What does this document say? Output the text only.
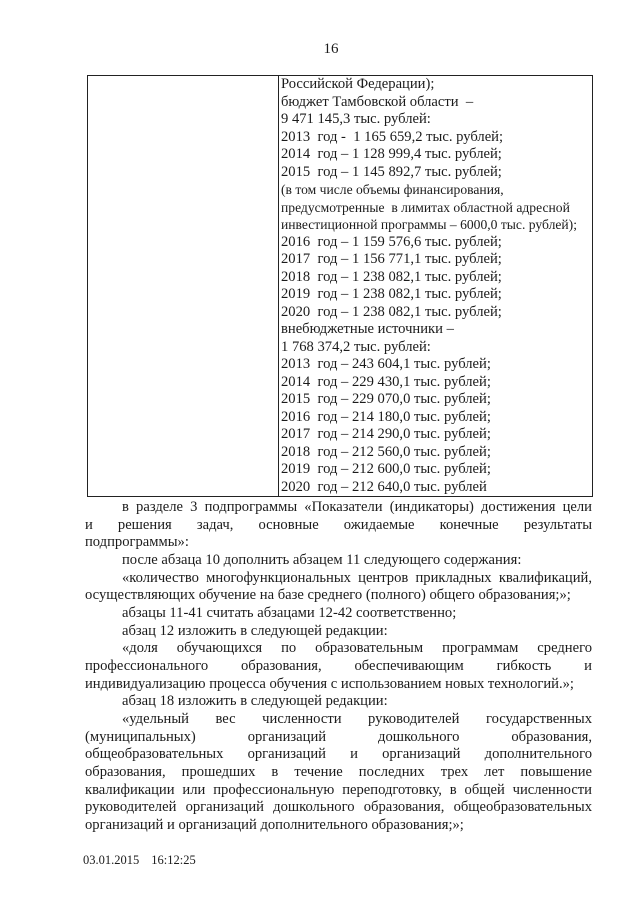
16
Российской Федерации);
бюджет Тамбовской области  –
9 471 145,3 тыс. рублей:
2013  год -  1 165 659,2 тыс. рублей;
2014  год – 1 128 999,4 тыс. рублей;
2015  год – 1 145 892,7 тыс. рублей;
(в том числе объемы финансирования,
предусмотренные  в лимитах областной адресной
инвестиционной программы – 6000,0 тыс. рублей);
2016  год – 1 159 576,6 тыс. рублей;
2017  год – 1 156 771,1 тыс. рублей;
2018  год – 1 238 082,1 тыс. рублей;
2019  год – 1 238 082,1 тыс. рублей;
2020  год – 1 238 082,1 тыс. рублей;
внебюджетные источники –
1 768 374,2 тыс. рублей:
2013  год – 243 604,1 тыс. рублей;
2014  год – 229 430,1 тыс. рублей;
2015  год – 229 070,0 тыс. рублей;
2016  год – 214 180,0 тыс. рублей;
2017  год – 214 290,0 тыс. рублей;
2018  год – 212 560,0 тыс. рублей;
2019  год – 212 600,0 тыс. рублей;
2020  год – 212 640,0 тыс. рублей
в разделе 3 подпрограммы «Показатели (индикаторы) достижения цели
и решения задач, основные ожидаемые конечные результаты
подпрограммы»:
после абзаца 10 дополнить абзацем 11 следующего содержания:
«количество многофункциональных центров прикладных квалификаций,
осуществляющих обучение на базе среднего (полного) общего образования;»;
абзацы 11-41 считать абзацами 12-42 соответственно;
абзац 12 изложить в следующей редакции:
«доля обучающихся по образовательным программам среднего
профессионального образования, обеспечивающим гибкость и
индивидуализацию процесса обучения с использованием новых технологий.»;
абзац 18 изложить в следующей редакции:
«удельный вес численности руководителей государственных
(муниципальных) организаций дошкольного образования,
общеобразовательных организаций и организаций дополнительного
образования, прошедших в течение последних трех лет повышение
квалификации или профессиональную переподготовку, в общей численности
руководителей организаций дошкольного образования, общеобразовательных
организаций и организаций дополнительного образования;»;
03.01.2015 16:12:25
